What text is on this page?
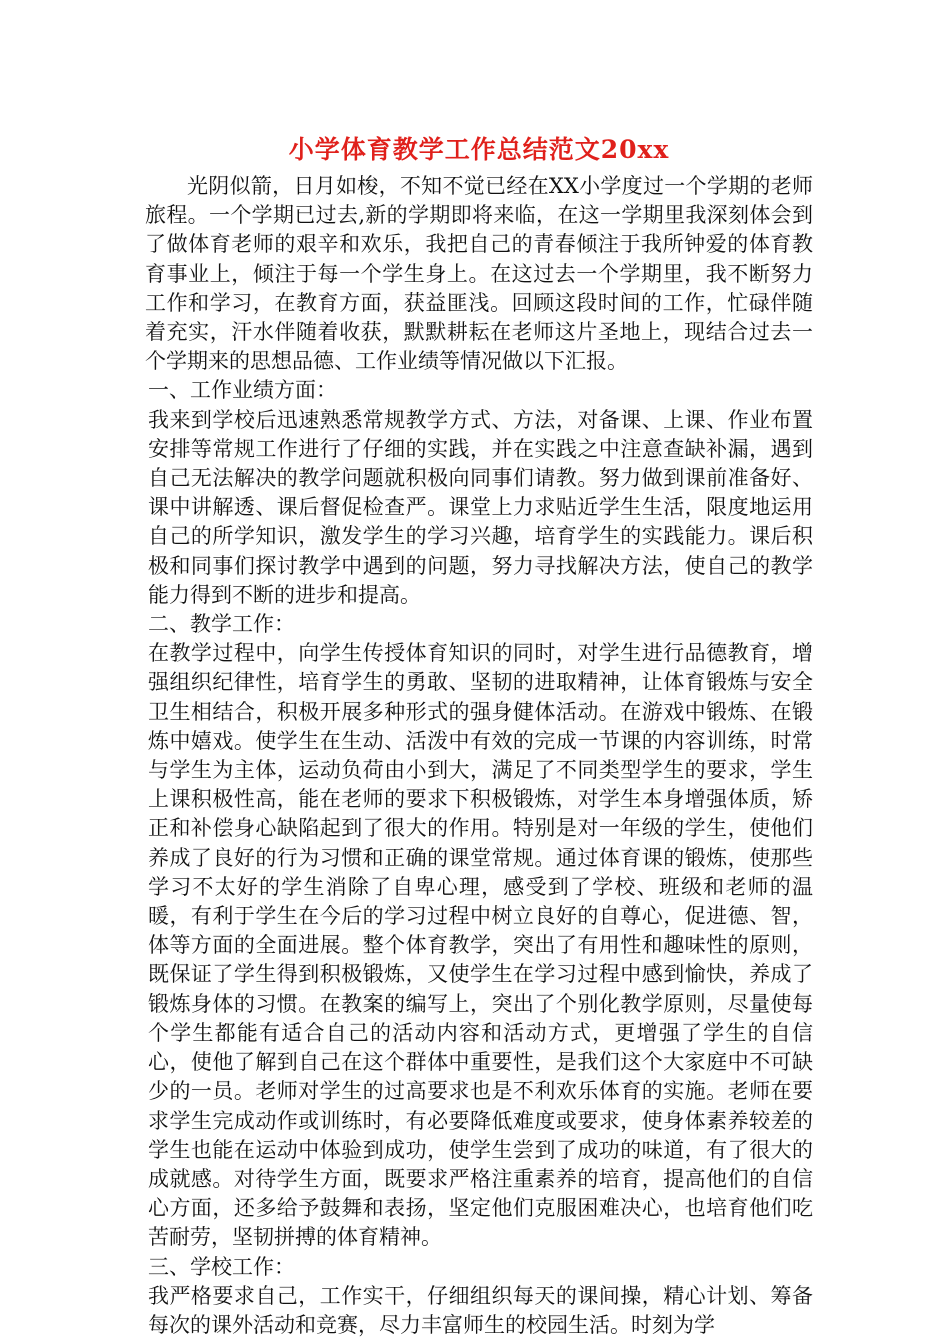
小学体育教学工作总结范文20xx

光阴似箭，日月如梭，不知不觉已经在XX小学度过一个学期的老师旅程。一个学期已过去,新的学期即将来临，在这一学期里我深刻体会到了做体育老师的艰辛和欢乐，我把自己的青春倾注于我所钟爱的体育教育事业上，倾注于每一个学生身上。在这过去一个学期里，我不断努力工作和学习，在教育方面，获益匪浅。回顾这段时间的工作，忙碌伴随着充实，汗水伴随着收获，默默耕耘在老师这片圣地上，现结合过去一个学期来的思想品德、工作业绩等情况做以下汇报。

一、工作业绩方面：

我来到学校后迅速熟悉常规教学方式、方法，对备课、上课、作业布置安排等常规工作进行了仔细的实践，并在实践之中注意查缺补漏，遇到自己无法解决的教学问题就积极向同事们请教。努力做到课前准备好、课中讲解透、课后督促检查严。课堂上力求贴近学生生活，限度地运用自己的所学知识，激发学生的学习兴趣，培育学生的实践能力。课后积极和同事们探讨教学中遇到的问题，努力寻找解决方法，使自己的教学能力得到不断的进步和提高。

二、教学工作：

在教学过程中，向学生传授体育知识的同时，对学生进行品德教育，增强组织纪律性，培育学生的勇敢、坚韧的进取精神，让体育锻炼与安全卫生相结合，积极开展多种形式的强身健体活动。在游戏中锻炼、在锻炼中嬉戏。使学生在生动、活泼中有效的完成一节课的内容训练，时常与学生为主体，运动负荷由小到大，满足了不同类型学生的要求，学生上课积极性高，能在老师的要求下积极锻炼，对学生本身增强体质，矫正和补偿身心缺陷起到了很大的作用。特别是对一年级的学生，使他们养成了良好的行为习惯和正确的课堂常规。通过体育课的锻炼，使那些学习不太好的学生消除了自卑心理，感受到了学校、班级和老师的温暖，有利于学生在今后的学习过程中树立良好的自尊心，促进德、智，体等方面的全面进展。整个体育教学，突出了有用性和趣味性的原则，既保证了学生得到积极锻炼，又使学生在学习过程中感到愉快，养成了锻炼身体的习惯。在教案的编写上，突出了个别化教学原则，尽量使每个学生都能有适合自己的活动内容和活动方式，更增强了学生的自信心，使他了解到自己在这个群体中重要性，是我们这个大家庭中不可缺少的一员。老师对学生的过高要求也是不利欢乐体育的实施。老师在要求学生完成动作或训练时，有必要降低难度或要求，使身体素养较差的学生也能在运动中体验到成功，使学生尝到了成功的味道，有了很大的成就感。对待学生方面，既要求严格注重素养的培育，提高他们的自信心方面，还多给予鼓舞和表扬，坚定他们克服困难决心，也培育他们吃苦耐劳，坚韧拼搏的体育精神。

三、学校工作：

我严格要求自己，工作实干，仔细组织每天的课间操，精心计划、筹备每次的课外活动和竞赛，尽力丰富师生的校园生活。时刻为学
